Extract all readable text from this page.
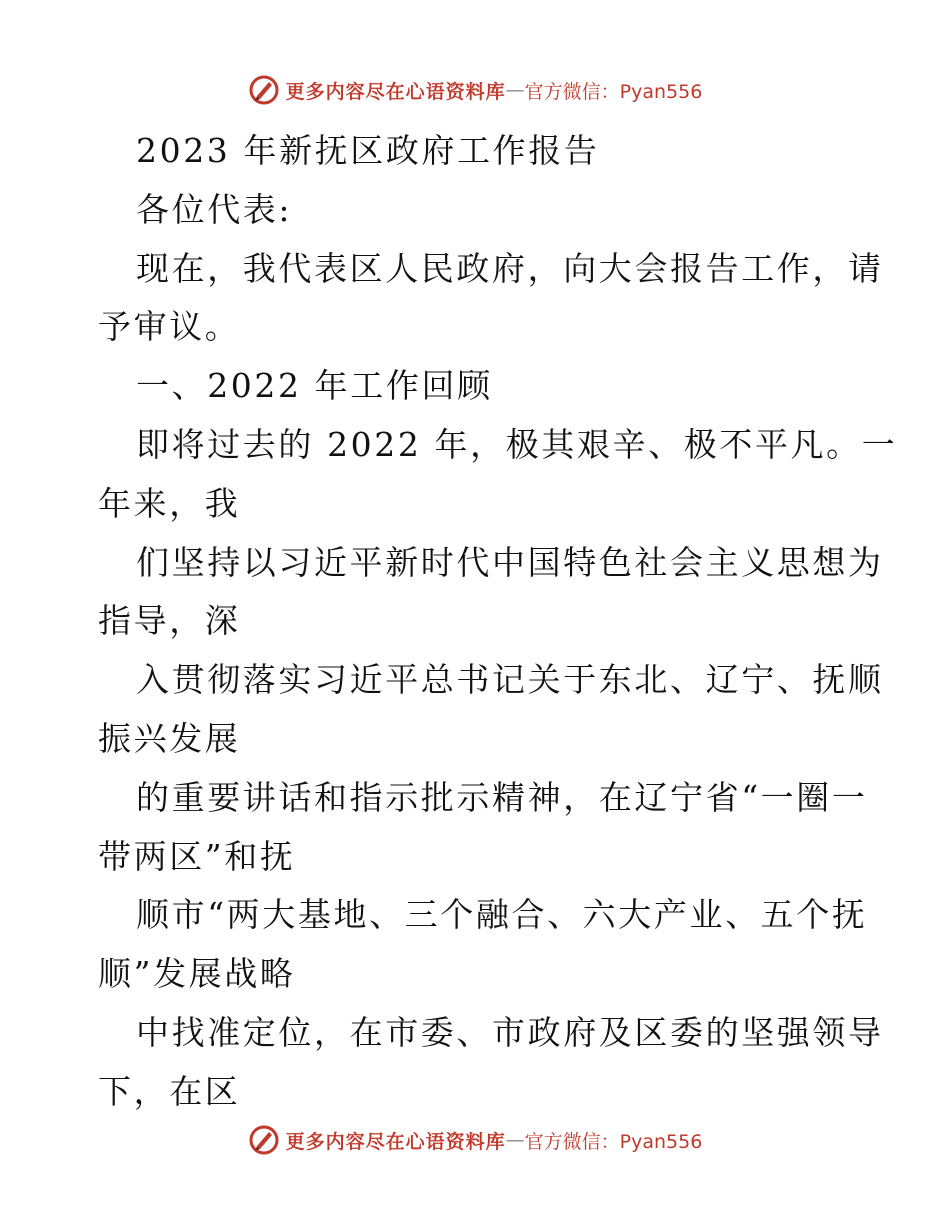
更多内容尽在心语资料库 — 官方微信：Pyan556
2023 年新抚区政府工作报告
各位代表:
现在，我代表区人民政府，向大会报告工作，请
予审议。
一、2022 年工作回顾
即将过去的 2022 年，极其艰辛、极不平凡。一
年来，我
们坚持以习近平新时代中国特色社会主义思想为
指导，深
入贯彻落实习近平总书记关于东北、辽宁、抚顺
振兴发展
的重要讲话和指示批示精神，在辽宁省“一圈一
带两区”和抚
顺市“两大基地、三个融合、六大产业、五个抚
顺”发展战略
中找准定位，在市委、市政府及区委的坚强领导
下，在区
更多内容尽在心语资料库 — 官方微信：Pyan556
